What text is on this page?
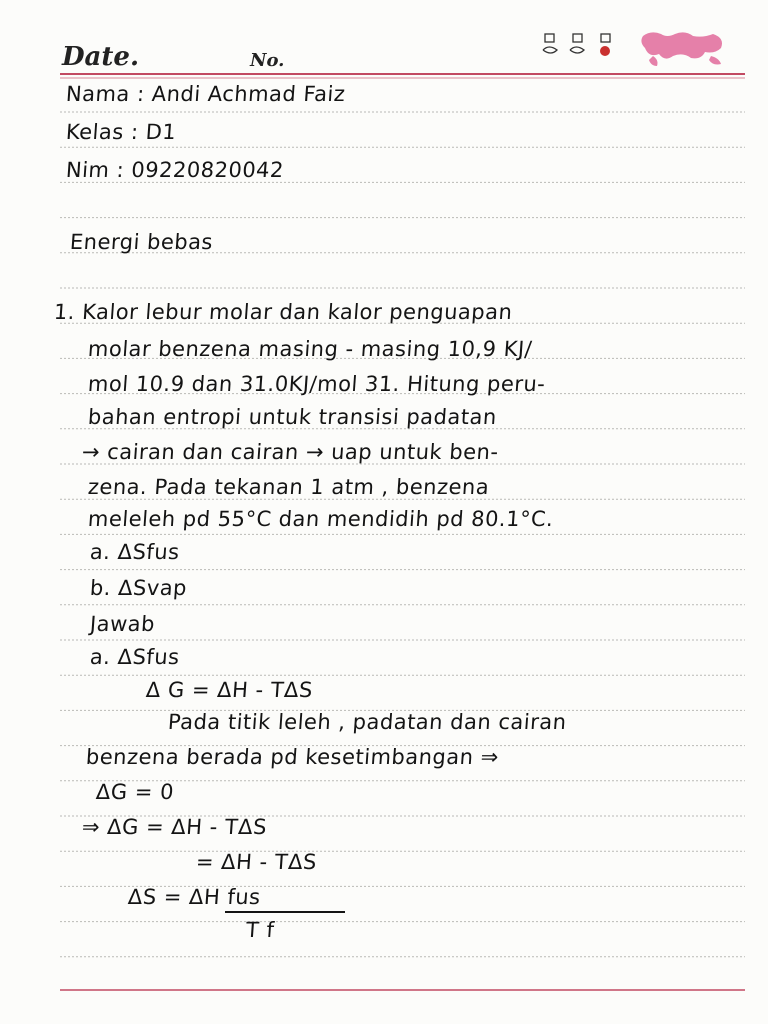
Date.	No.
Nama : Andi Achmad Faiz
Kelas : D1
Nim : 09220820042
Energi bebas
1. Kalor lebur molar dan kalor penguapan
molar benzena masing - masing 10,9 KJ/
mol 10.9 dan 31.0KJ/mol 31. Hitung peru-
bahan entropi untuk transisi padatan
→ cairan dan cairan → uap untuk ben-
zena. Pada tekanan 1 atm , benzena
meleleh pd 55°C dan mendidih pd 80.1°C.
a. ΔSfus
b. ΔSvap
Jawab
a. ΔSfus
Δ G = ΔH - TΔS
Pada titik leleh , padatan dan cairan
benzena berada pd kesetimbangan ⇒
ΔG = 0
⇒ ΔG = ΔH - TΔS
= ΔH - TΔS
ΔS = ΔH fus
T f
